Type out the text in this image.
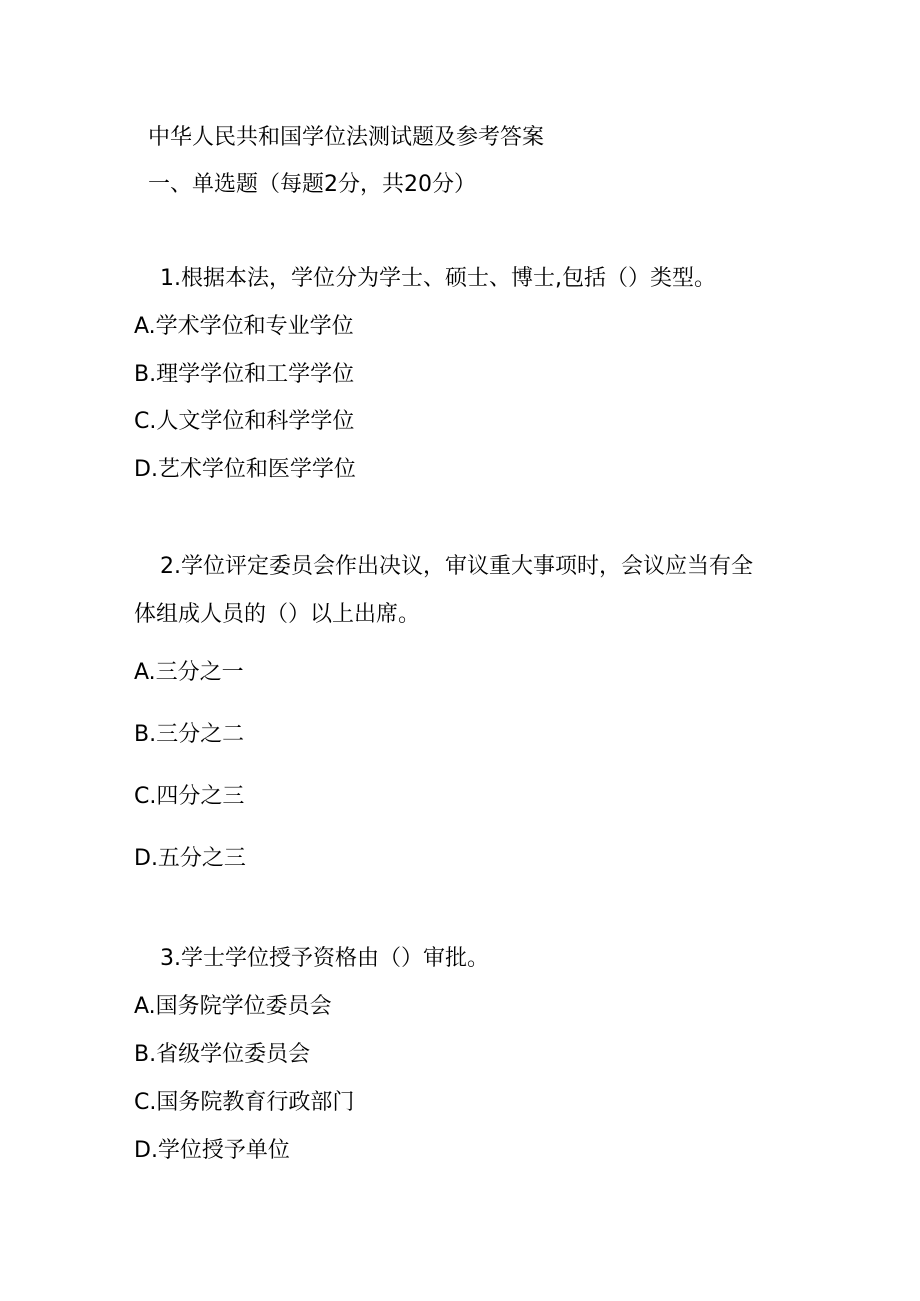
中华人民共和国学位法测试题及参考答案
一、单选题（每题2分，共20分）
1.根据本法，学位分为学士、硕士、博士,包括（）类型。
A.学术学位和专业学位
B.理学学位和工学学位
C.人文学位和科学学位
D.艺术学位和医学学位
2.学位评定委员会作出决议，审议重大事项时，会议应当有全
体组成人员的（）以上出席。
A.三分之一
B.三分之二
C.四分之三
D.五分之三
3.学士学位授予资格由（）审批。
A.国务院学位委员会
B.省级学位委员会
C.国务院教育行政部门
D.学位授予单位
